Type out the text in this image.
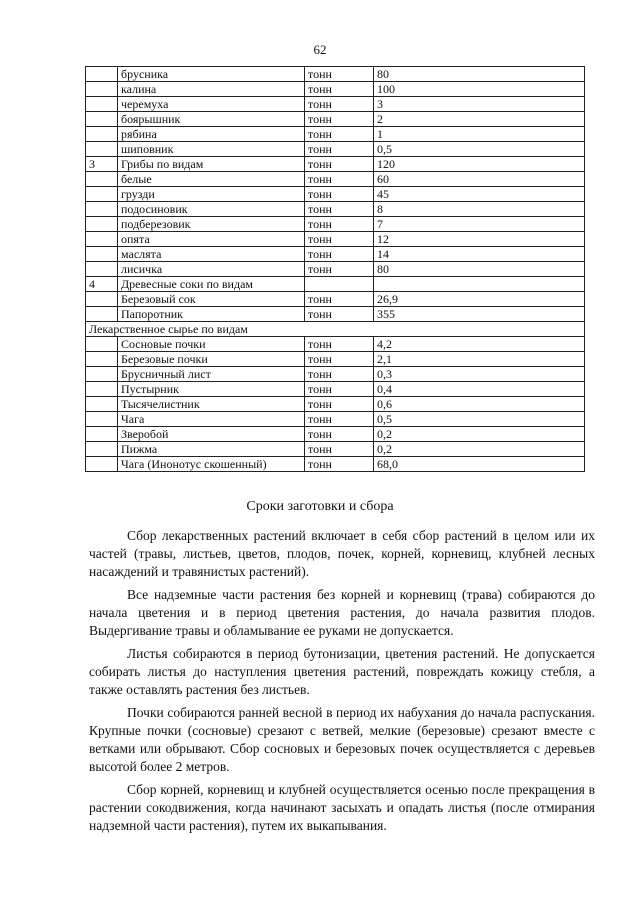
62
	брусника	тонн	80
	калина	тонн	100
	черемуха	тонн	3
	боярышник	тонн	2
	рябина	тонн	1
	шиповник	тонн	0,5
3	Грибы по видам	тонн	120
	белые	тонн	60
	грузди	тонн	45
	подосиновик	тонн	8
	подберезовик	тонн	7
	опята	тонн	12
	маслята	тонн	14
	лисичка	тонн	80
4	Древесные соки по видам		
	Березовый сок	тонн	26,9
	Папоротник	тонн	355
Лекарственное сырье по видам			
	Сосновые почки	тонн	4,2
	Березовые почки	тонн	2,1
	Брусничный лист	тонн	0,3
	Пустырник	тонн	0,4
	Тысячелистник	тонн	0,6
	Чага	тонн	0,5
	Зверобой	тонн	0,2
	Пижма	тонн	0,2
	Чага (Инонотус скошенный)	тонн	68,0
Сроки заготовки и сбора

Сбор лекарственных растений включает в себя сбор растений в целом или их частей (травы, листьев, цветов, плодов, почек, корней, корневищ, клубней лесных насаждений и травянистых растений).

Все надземные части растения без корней и корневищ (трава) собираются до начала цветения и в период цветения растения, до начала развития плодов. Выдергивание травы и обламывание ее руками не допускается.

Листья собираются в период бутонизации, цветения растений. Не допускается собирать листья до наступления цветения растений, повреждать кожицу стебля, а также оставлять растения без листьев.

Почки собираются ранней весной в период их набухания до начала распускания. Крупные почки (сосновые) срезают с ветвей, мелкие (березовые) срезают вместе с ветками или обрывают. Сбор сосновых и березовых почек осуществляется с деревьев высотой более 2 метров.

Сбор корней, корневищ и клубней осуществляется осенью после прекращения в растении сокодвижения, когда начинают засыхать и опадать листья (после отмирания надземной части растения), путем их выкапывания.
